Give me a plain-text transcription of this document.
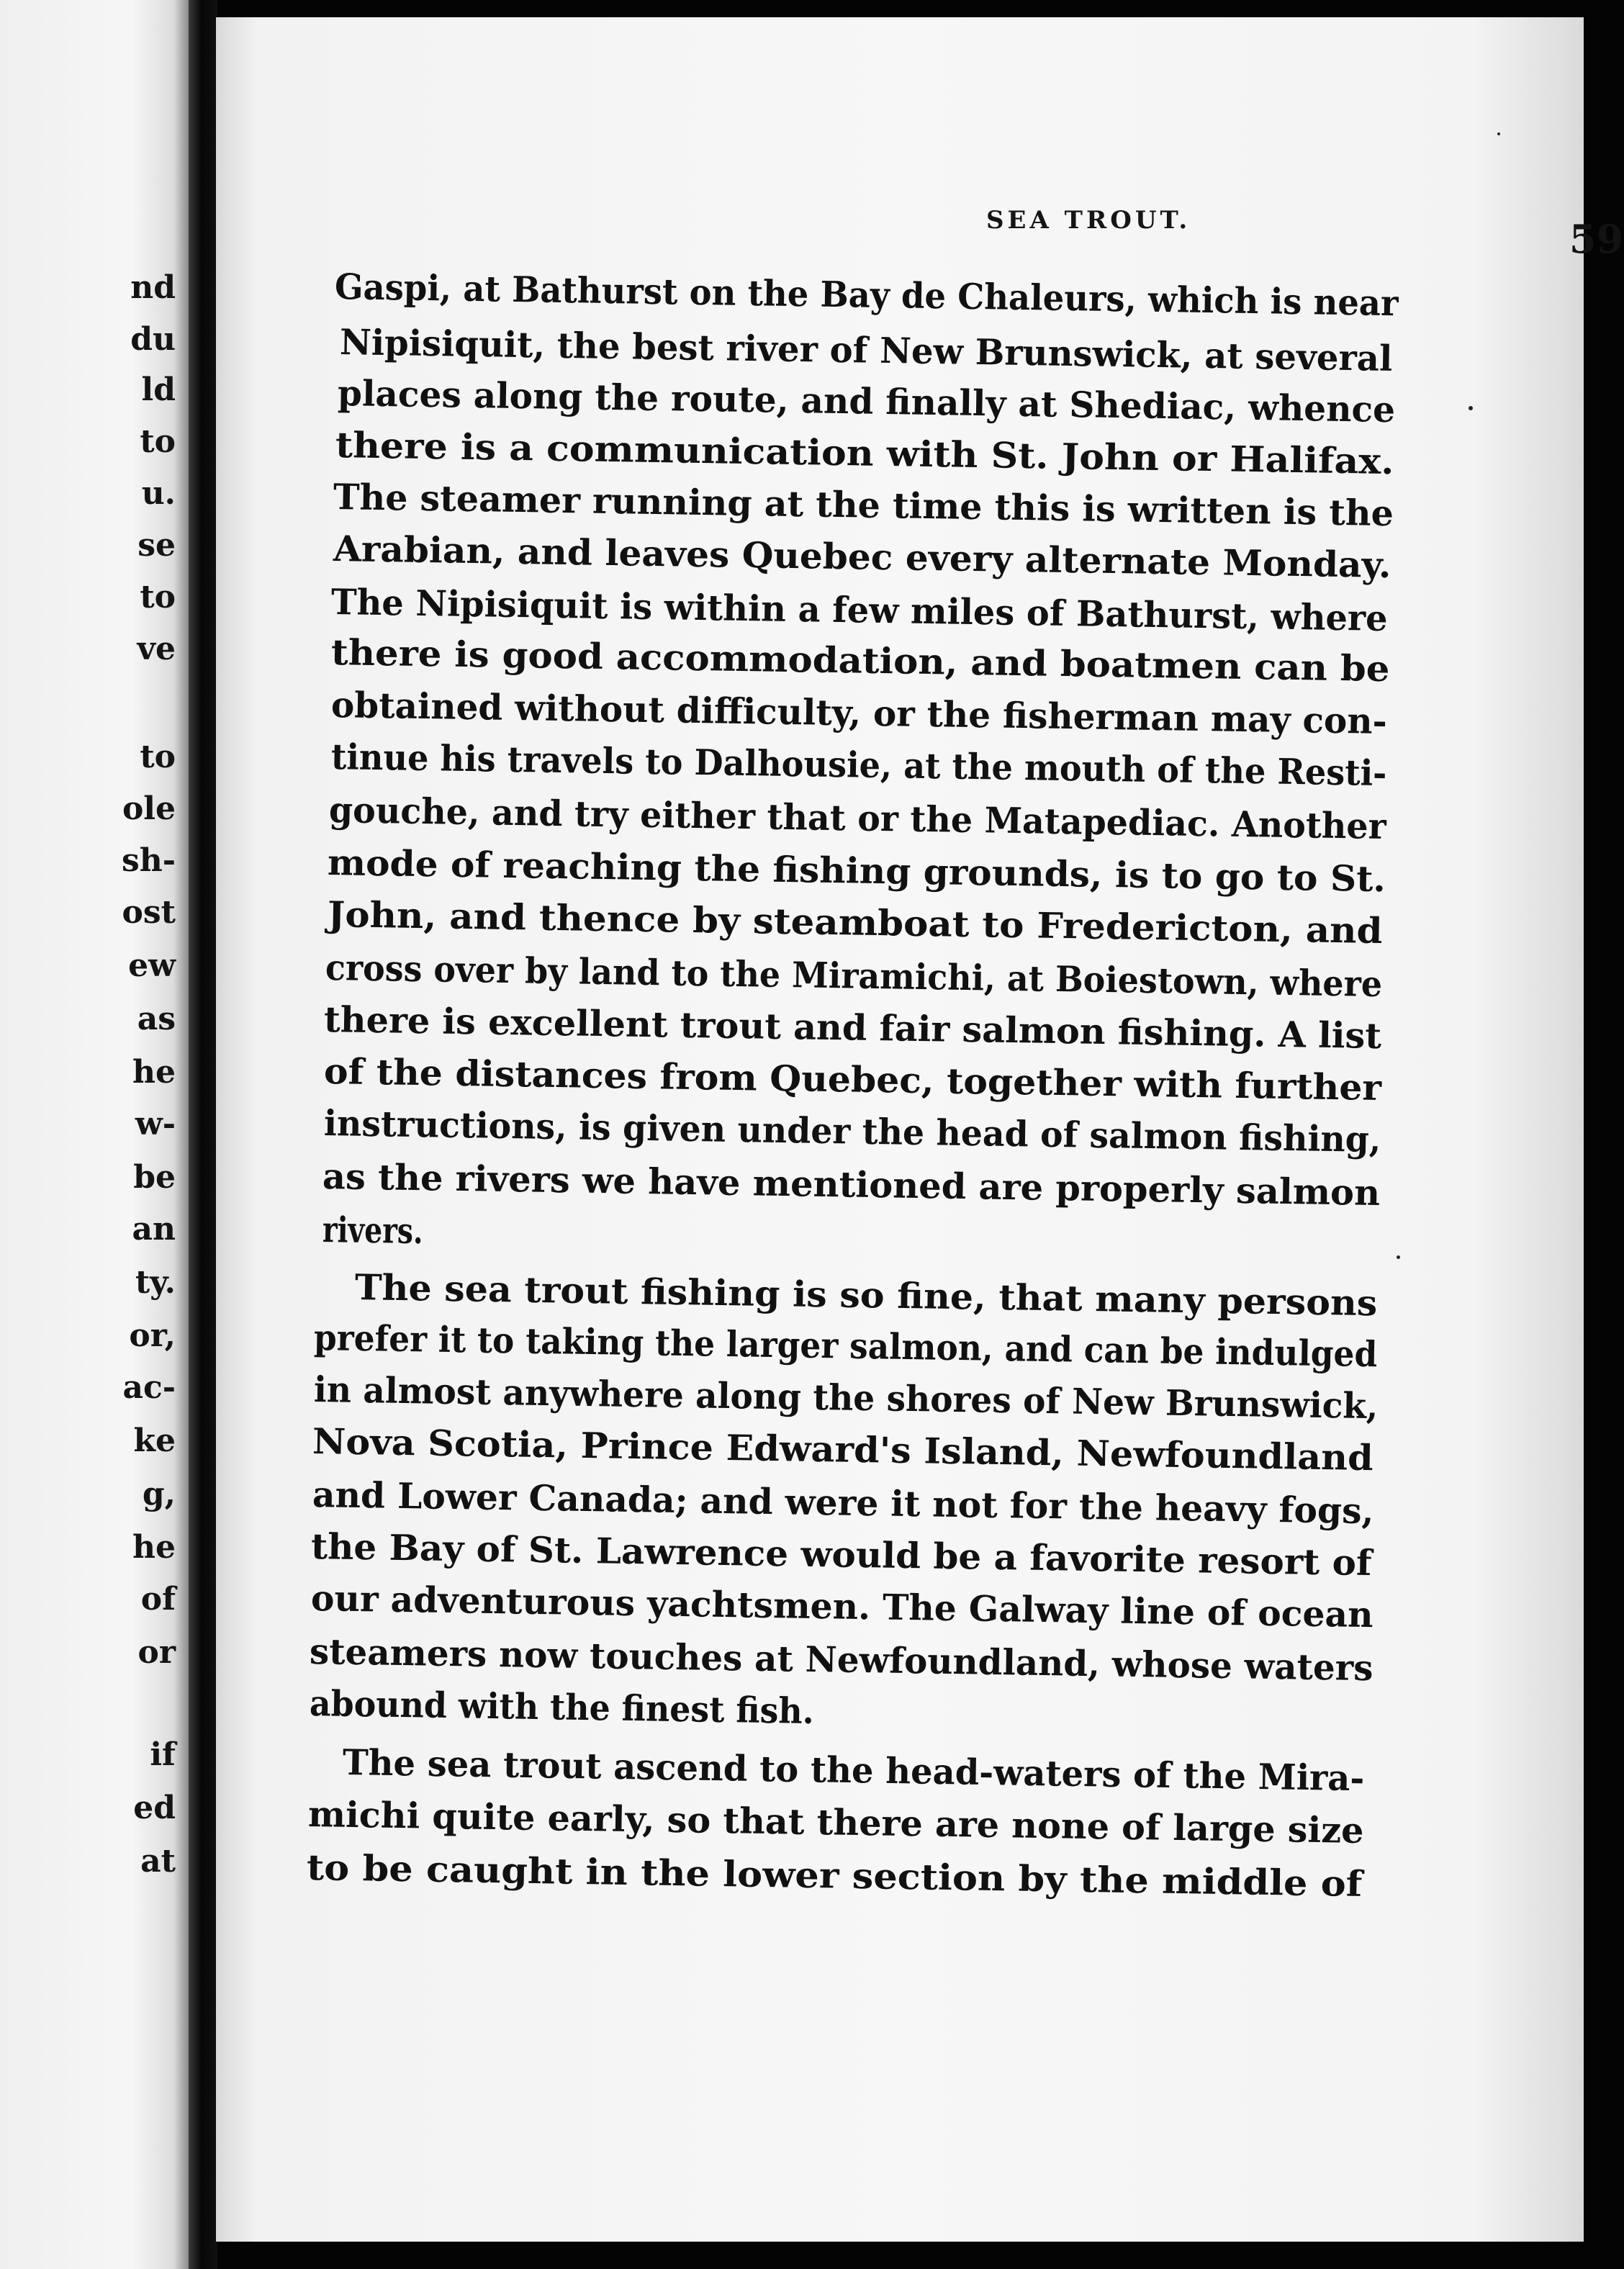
nd
du
ld
to
u.
se
to
ve
to
ole
sh-
ost
ew
as
he
w-
be
an
ty.
or,
ac-
ke
g,
he
of
or
if
ed
at
SEA TROUT.	59
Gaspi, at Bathurst on the Bay de Chaleurs, which is near
Nipisiquit, the best river of New Brunswick, at several
places along the route, and finally at Shediac, whence
there is a communication with St. John or Halifax.
The steamer running at the time this is written is the
Arabian, and leaves Quebec every alternate Monday.
The Nipisiquit is within a few miles of Bathurst, where
there is good accommodation, and boatmen can be
obtained without difficulty, or the fisherman may con-
tinue his travels to Dalhousie, at the mouth of the Resti-
gouche, and try either that or the Matapediac. Another
mode of reaching the fishing grounds, is to go to St.
John, and thence by steamboat to Fredericton, and
cross over by land to the Miramichi, at Boiestown, where
there is excellent trout and fair salmon fishing. A list
of the distances from Quebec, together with further
instructions, is given under the head of salmon fishing,
as the rivers we have mentioned are properly salmon
rivers.
The sea trout fishing is so fine, that many persons
prefer it to taking the larger salmon, and can be indulged
in almost anywhere along the shores of New Brunswick,
Nova Scotia, Prince Edward's Island, Newfoundland
and Lower Canada; and were it not for the heavy fogs,
the Bay of St. Lawrence would be a favorite resort of
our adventurous yachtsmen. The Galway line of ocean
steamers now touches at Newfoundland, whose waters
abound with the finest fish.
The sea trout ascend to the head-waters of the Mira-
michi quite early, so that there are none of large size
to be caught in the lower section by the middle of
